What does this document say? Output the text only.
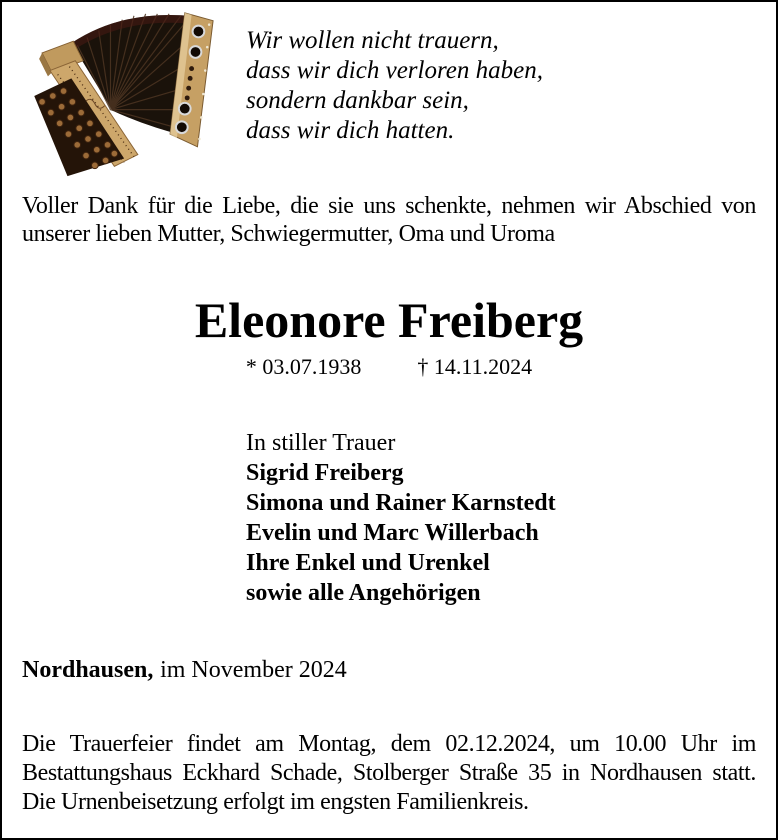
Wir wollen nicht trauern,
dass wir dich verloren haben,
sondern dankbar sein,
dass wir dich hatten.

Voller Dank für die Liebe, die sie uns schenkte, nehmen wir Abschied von unserer lieben Mutter, Schwiegermutter, Oma und Uroma

Eleonore Freiberg
* 03.07.1938	† 14.11.2024
In stiller Trauer
Sigrid Freiberg
Simona und Rainer Karnstedt
Evelin und Marc Willerbach
Ihre Enkel und Urenkel
sowie alle Angehörigen
Nordhausen, im November 2024

Die Trauerfeier findet am Montag, dem 02.12.2024, um 10.00 Uhr im Bestattungshaus Eckhard Schade, Stolberger Straße 35 in Nordhausen statt. Die Urnenbeisetzung erfolgt im engsten Familienkreis.
